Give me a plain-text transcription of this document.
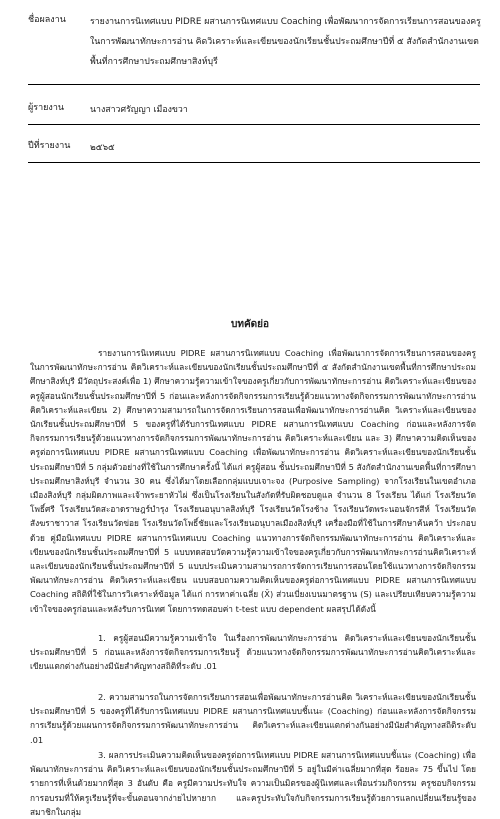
ชื่อผลงาน	รายงานการนิเทศแบบ PIDRE ผสานการนิเทศแบบ Coaching เพื่อพัฒนาการจัดการเรียนการสอนของครู ในการพัฒนาทักษะการอ่าน คิดวิเคราะห์และเขียนของนักเรียนชั้นประถมศึกษาปีที่ ๕ สังกัดสำนักงานเขตพื้นที่การศึกษาประถมศึกษาสิงห์บุรี
ผู้รายงาน	นางสาวศรัญญา เมืองขวา
ปีที่รายงาน	๒๕๖๕
บทคัดย่อ
รายงานการนิเทศแบบ PIDRE ผสานการนิเทศแบบ Coaching เพื่อพัฒนาการจัดการเรียนการสอนของครู ในการพัฒนาทักษะการอ่าน คิดวิเคราะห์และเขียนของนักเรียนชั้นประถมศึกษาปีที่ ๕ สังกัดสำนักงานเขตพื้นที่การศึกษาประถมศึกษาสิงห์บุรี มีวัตถุประสงค์เพื่อ 1) ศึกษาความรู้ความเข้าใจของครูเกี่ยวกับการพัฒนาทักษะการอ่าน คิดวิเคราะห์และเขียนของครูผู้สอนนักเรียนชั้นประถมศึกษาปีที่ 5 ก่อนและหลังการจัดกิจกรรมการเรียนรู้ด้วยแนวทางจัดกิจกรรมการพัฒนาทักษะการอ่าน คิดวิเคราะห์และเขียน 2) ศึกษาความสามารถในการจัดการเรียนการสอนเพื่อพัฒนาทักษะการอ่านคิด วิเคราะห์และเขียนของนักเรียนชั้นประถมศึกษาปีที่ 5 ของครูที่ได้รับการนิเทศแบบ PIDRE ผสานการนิเทศแบบ Coaching ก่อนและหลังการจัดกิจกรรมการเรียนรู้ด้วยแนวทางการจัดกิจกรรมการพัฒนาทักษะการอ่าน คิดวิเคราะห์และเขียน และ 3) ศึกษาความคิดเห็นของครูต่อการนิเทศแบบ PIDRE ผสานการนิเทศแบบ Coaching เพื่อพัฒนาทักษะการอ่าน คิดวิเคราะห์และเขียนของนักเรียนชั้นประถมศึกษาปีที่ 5 กลุ่มตัวอย่างที่ใช้ในการศึกษาครั้งนี้ ได้แก่ ครูผู้สอน ชั้นประถมศึกษาปีที่ 5 สังกัดสำนักงานเขตพื้นที่การศึกษาประถมศึกษาสิงห์บุรี จำนวน 30 คน ซึ่งได้มาโดยเลือกกลุ่มแบบเจาะจง (Purposive Sampling) จากโรงเรียนในเขตอำเภอเมืองสิงห์บุรี กลุ่มผิดภาพและเจ้าพระยาหัวไผ่ ซึ่งเป็นโรงเรียนในสังกัดที่รับผิดชอบดูแล จำนวน 8 โรงเรียน ได้แก่ โรงเรียนวัดโพธิ์ศรี โรงเรียนวัดสะอาดราษฎร์บำรุง โรงเรียนอนุบาลสิงห์บุรี โรงเรียนวัดโรงช้าง โรงเรียนวัดพระนอนจักรสีห์ โรงเรียนวัดสังฆราชาวาส โรงเรียนวัดข่อย โรงเรียนวัดโพธิ์ชัยและโรงเรียนอนุบาลเมืองสิงห์บุรี เครื่องมือที่ใช้ในการศึกษาค้นคว้า ประกอบด้วย คู่มือนิเทศแบบ PIDRE ผสานการนิเทศแบบ Coaching แนวทางการจัดกิจกรรมพัฒนาทักษะการอ่าน คิดวิเคราะห์และเขียนของนักเรียนชั้นประถมศึกษาปีที่ 5 แบบทดสอบวัดความรู้ความเข้าใจของครูเกี่ยวกับการพัฒนาทักษะการอ่านคิดวิเคราะห์และเขียนของนักเรียนชั้นประถมศึกษาปีที่ 5 แบบประเมินความสามารถการจัดการเรียนการสอนโดยใช้แนวทางการจัดกิจกรรมพัฒนาทักษะการอ่าน คิดวิเคราะห์และเขียน แบบสอบถามความคิดเห็นของครูต่อการนิเทศแบบ PIDRE ผสานการนิเทศแบบ Coaching สถิติที่ใช้ในการวิเคราะห์ข้อมูล ได้แก่ การหาค่าเฉลี่ย (X̄) ส่วนเบี่ยงเบนมาตรฐาน (S) และเปรียบเทียบความรู้ความเข้าใจของครูก่อนและหลังรับการนิเทศ โดยการทดสอบค่า t-test แบบ dependent ผลสรุปได้ดังนี้
1. ครูผู้สอนมีความรู้ความเข้าใจ ในเรื่องการพัฒนาทักษะการอ่าน คิดวิเคราะห์และเขียนของนักเรียนชั้นประถมศึกษาปีที่ 5 ก่อนและหลังการจัดกิจกรรมการเรียนรู้ ด้วยแนวทางจัดกิจกรรมการพัฒนาทักษะการอ่านคิดวิเคราะห์และเขียนแตกต่างกันอย่างมีนัยสำคัญทางสถิติที่ระดับ .01
2. ความสามารถในการจัดการเรียนการสอนเพื่อพัฒนาทักษะการอ่านคิด วิเคราะห์และเขียนของนักเรียนชั้นประถมศึกษาปีที่ 5 ของครูที่ได้รับการนิเทศแบบ PIDRE ผสานการนิเทศแบบชี้แนะ (Coaching) ก่อนและหลังการจัดกิจกรรมการเรียนรู้ด้วยแผนการจัดกิจกรรมการพัฒนาทักษะการอ่าน คิดวิเคราะห์และเขียนแตกต่างกันอย่างมีนัยสำคัญทางสถิติระดับ .01
3. ผลการประเมินความคิดเห็นของครูต่อการนิเทศแบบ PIDRE ผสานการนิเทศแบบชี้แนะ (Coaching) เพื่อพัฒนาทักษะการอ่าน คิดวิเคราะห์และเขียนของนักเรียนชั้นประถมศึกษาปีที่ 5 อยู่ในมีค่าเฉลี่ยมากที่สุด ร้อยละ 75 ขึ้นไป โดยรายการที่เห็นด้วยมากที่สุด 3 อันดับ คือ ครูมีความประทับใจ ความเป็นมิตรของผู้นิเทศและเพื่อนร่วมกิจกรรม ครูชอบกิจกรรมการอบรมที่ให้ครูเรียนรู้ที่จะขั้นตอนจากง่ายไปหายาก และครูประทับใจกับกิจกรรมการเรียนรู้ด้วยการแลกเปลี่ยนเรียนรู้ของสมาชิกในกลุ่ม
